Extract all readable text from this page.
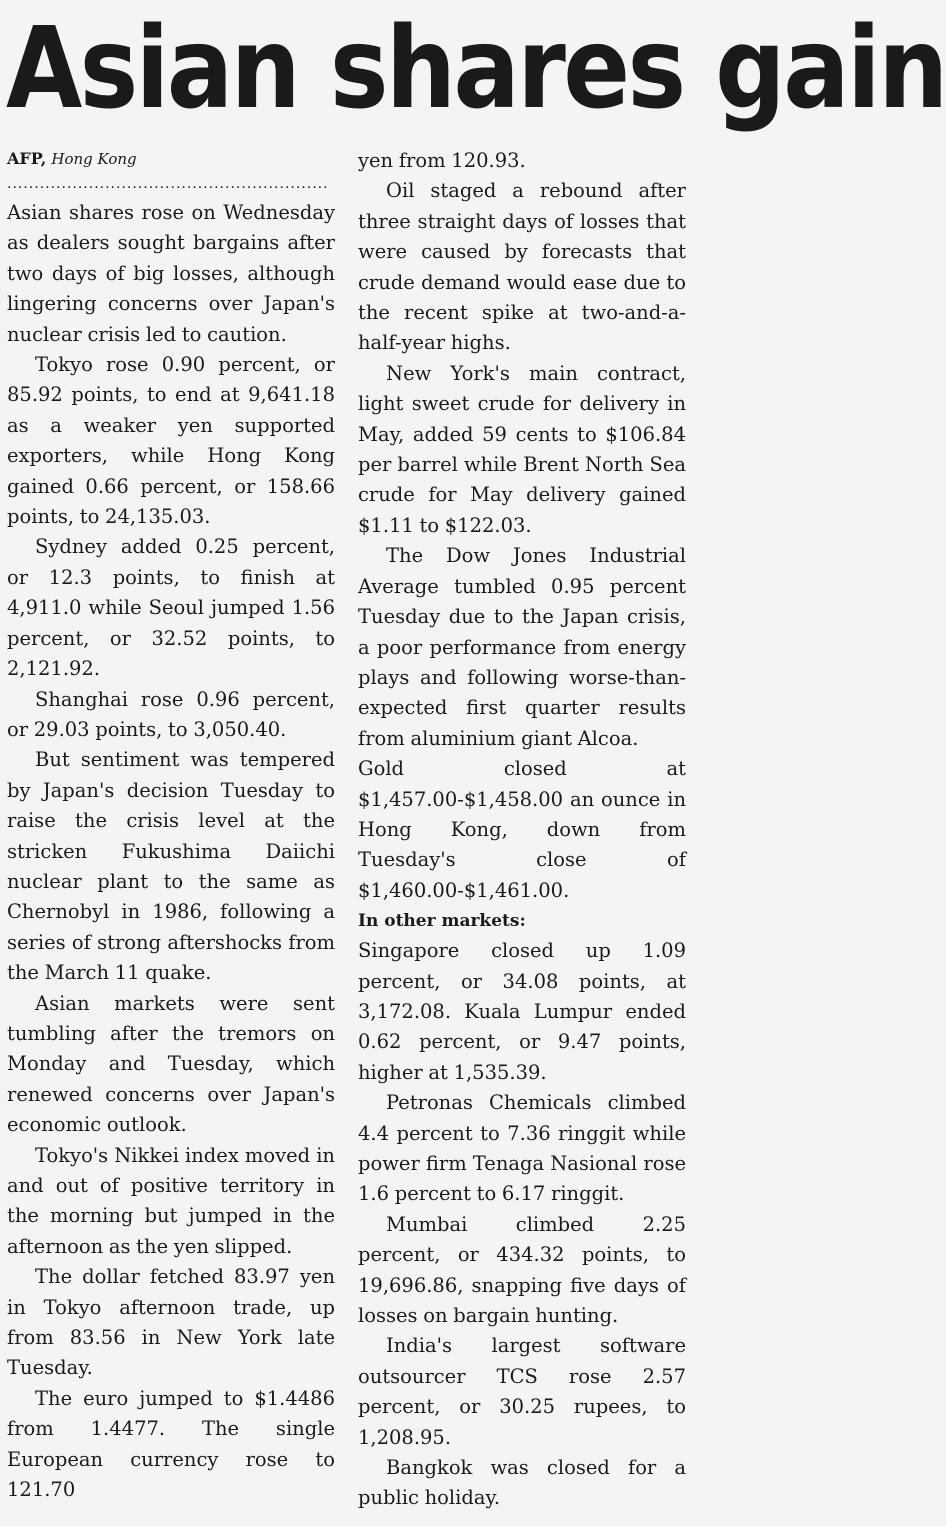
Asian shares gain
AFP, Hong Kong
...........................................................

Asian shares rose on Wednesday as dealers sought bargains after two days of big losses, although lingering concerns over Japan's nuclear crisis led to caution.

Tokyo rose 0.90 percent, or 85.92 points, to end at 9,641.18 as a weaker yen supported exporters, while Hong Kong gained 0.66 percent, or 158.66 points, to 24,135.03.

Sydney added 0.25 percent, or 12.3 points, to finish at 4,911.0 while Seoul jumped 1.56 percent, or 32.52 points, to 2,121.92.

Shanghai rose 0.96 percent, or 29.03 points, to 3,050.40.

But sentiment was tempered by Japan's decision Tuesday to raise the crisis level at the stricken Fukushima Daiichi nuclear plant to the same as Chernobyl in 1986, following a series of strong aftershocks from the March 11 quake.

Asian markets were sent tumbling after the tremors on Monday and Tuesday, which renewed concerns over Japan's economic outlook.

Tokyo's Nikkei index moved in and out of positive territory in the morning but jumped in the afternoon as the yen slipped.

The dollar fetched 83.97 yen in Tokyo afternoon trade, up from 83.56 in New York late Tuesday.

The euro jumped to $1.4486 from 1.4477. The single European currency rose to 121.70

yen from 120.93.

Oil staged a rebound after three straight days of losses that were caused by forecasts that crude demand would ease due to the recent spike at two-and-a-half-year highs.

New York's main contract, light sweet crude for delivery in May, added 59 cents to $106.84 per barrel while Brent North Sea crude for May delivery gained $1.11 to $122.03.

The Dow Jones Industrial Average tumbled 0.95 percent Tuesday due to the Japan crisis, a poor performance from energy plays and following worse-than-expected first quarter results from aluminium giant Alcoa.

Gold closed at $1,457.00-$1,458.00 an ounce in Hong Kong, down from Tuesday's close of $1,460.00-$1,461.00.

In other markets:

Singapore closed up 1.09 percent, or 34.08 points, at 3,172.08. Kuala Lumpur ended 0.62 percent, or 9.47 points, higher at 1,535.39.

Petronas Chemicals climbed 4.4 percent to 7.36 ringgit while power firm Tenaga Nasional rose 1.6 percent to 6.17 ringgit.

Mumbai climbed 2.25 percent, or 434.32 points, to 19,696.86, snapping five days of losses on bargain hunting.

India's largest software outsourcer TCS rose 2.57 percent, or 30.25 rupees, to 1,208.95.

Bangkok was closed for a public holiday.
